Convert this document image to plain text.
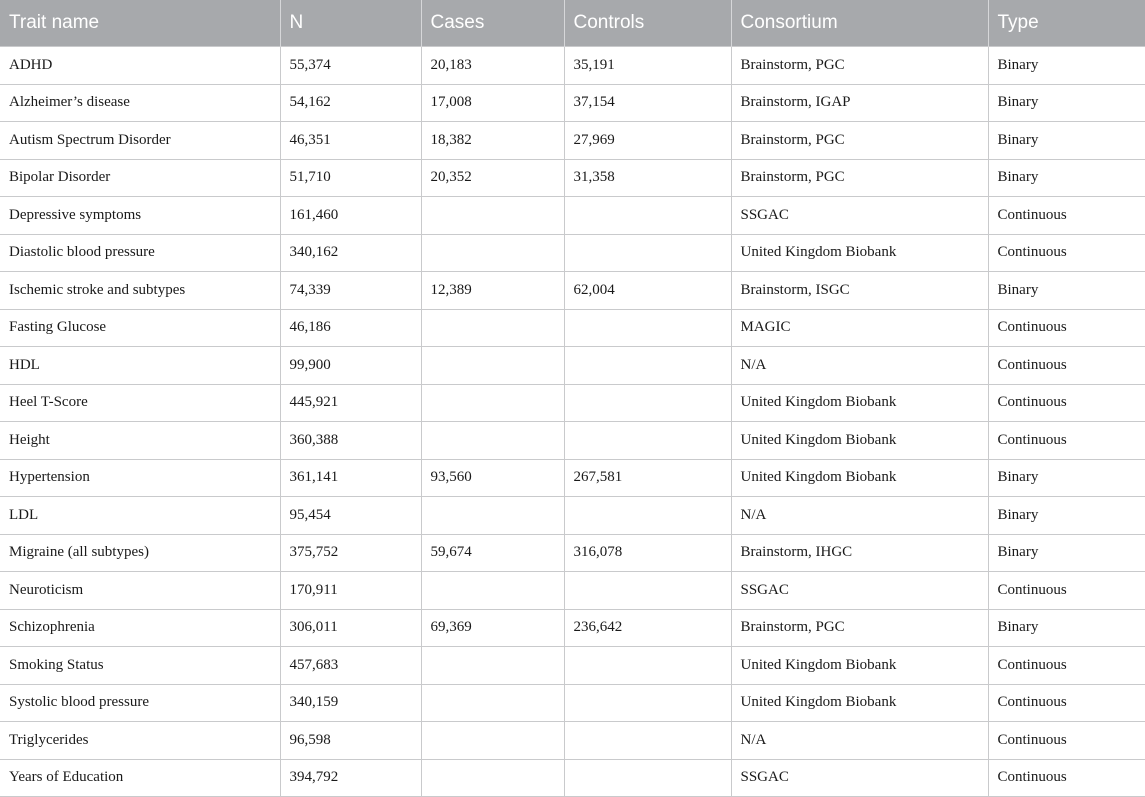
Trait name	N	Cases	Controls	Consortium	Type
ADHD	55,374	20,183	35,191	Brainstorm, PGC	Binary
Alzheimer’s disease	54,162	17,008	37,154	Brainstorm, IGAP	Binary
Autism Spectrum Disorder	46,351	18,382	27,969	Brainstorm, PGC	Binary
Bipolar Disorder	51,710	20,352	31,358	Brainstorm, PGC	Binary
Depressive symptoms	161,460			SSGAC	Continuous
Diastolic blood pressure	340,162			United Kingdom Biobank	Continuous
Ischemic stroke and subtypes	74,339	12,389	62,004	Brainstorm, ISGC	Binary
Fasting Glucose	46,186			MAGIC	Continuous
HDL	99,900			N/A	Continuous
Heel T-Score	445,921			United Kingdom Biobank	Continuous
Height	360,388			United Kingdom Biobank	Continuous
Hypertension	361,141	93,560	267,581	United Kingdom Biobank	Binary
LDL	95,454			N/A	Binary
Migraine (all subtypes)	375,752	59,674	316,078	Brainstorm, IHGC	Binary
Neuroticism	170,911			SSGAC	Continuous
Schizophrenia	306,011	69,369	236,642	Brainstorm, PGC	Binary
Smoking Status	457,683			United Kingdom Biobank	Continuous
Systolic blood pressure	340,159			United Kingdom Biobank	Continuous
Triglycerides	96,598			N/A	Continuous
Years of Education	394,792			SSGAC	Continuous
